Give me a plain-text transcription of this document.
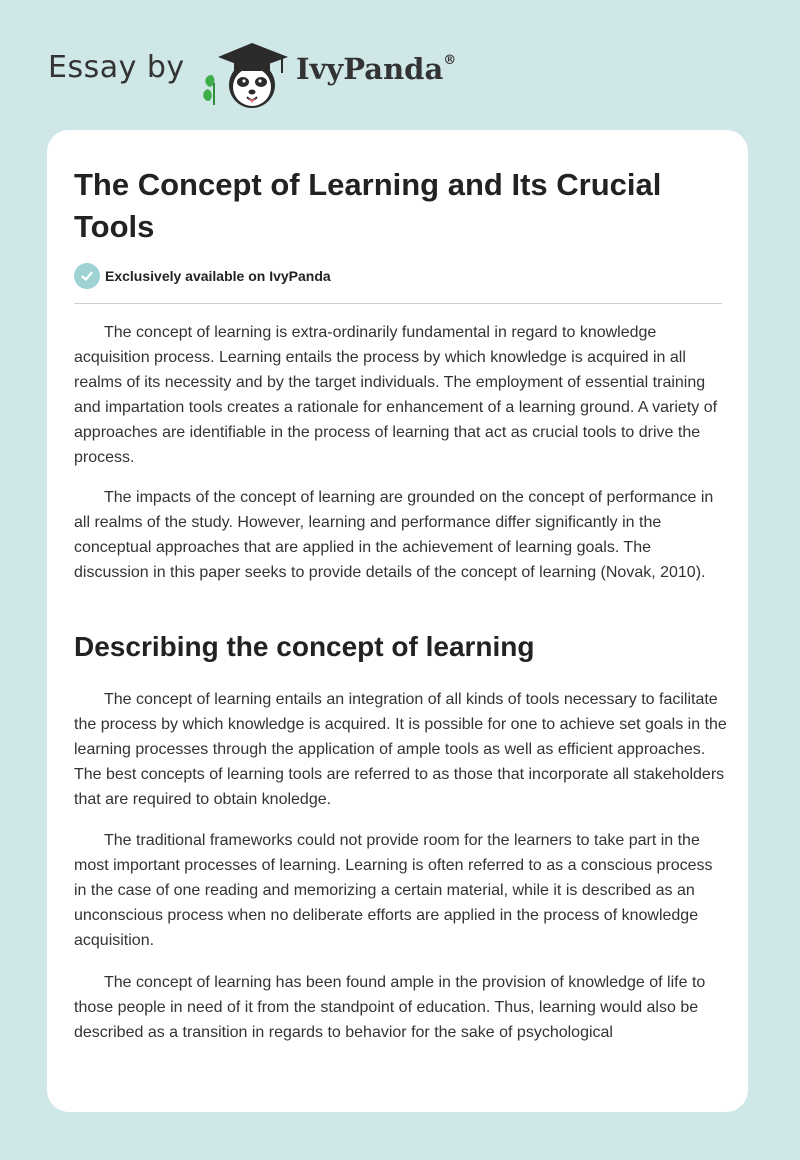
Essay by	IvyPanda®
The Concept of Learning and Its Crucial Tools
Exclusively available on IvyPanda

The concept of learning is extra-ordinarily fundamental in regard to knowledge acquisition process. Learning entails the process by which knowledge is acquired in all realms of its necessity and by the target individuals. The employment of essential training and impartation tools creates a rationale for enhancement of a learning ground. A variety of approaches are identifiable in the process of learning that act as crucial tools to drive the process.

The impacts of the concept of learning are grounded on the concept of performance in all realms of the study. However, learning and performance differ significantly in the conceptual approaches that are applied in the achievement of learning goals. The discussion in this paper seeks to provide details of the concept of learning (Novak, 2010).

Describing the concept of learning

The concept of learning entails an integration of all kinds of tools necessary to facilitate the process by which knowledge is acquired. It is possible for one to achieve set goals in the learning processes through the application of ample tools as well as efficient approaches. The best concepts of learning tools are referred to as those that incorporate all stakeholders that are required to obtain knoledge.

The traditional frameworks could not provide room for the learners to take part in the most important processes of learning. Learning is often referred to as a conscious process in the case of one reading and memorizing a certain material, while it is described as an unconscious process when no deliberate efforts are applied in the process of knowledge acquisition.

The concept of learning has been found ample in the provision of knowledge of life to those people in need of it from the standpoint of education. Thus, learning would also be described as a transition in regards to behavior for the sake of psychological
